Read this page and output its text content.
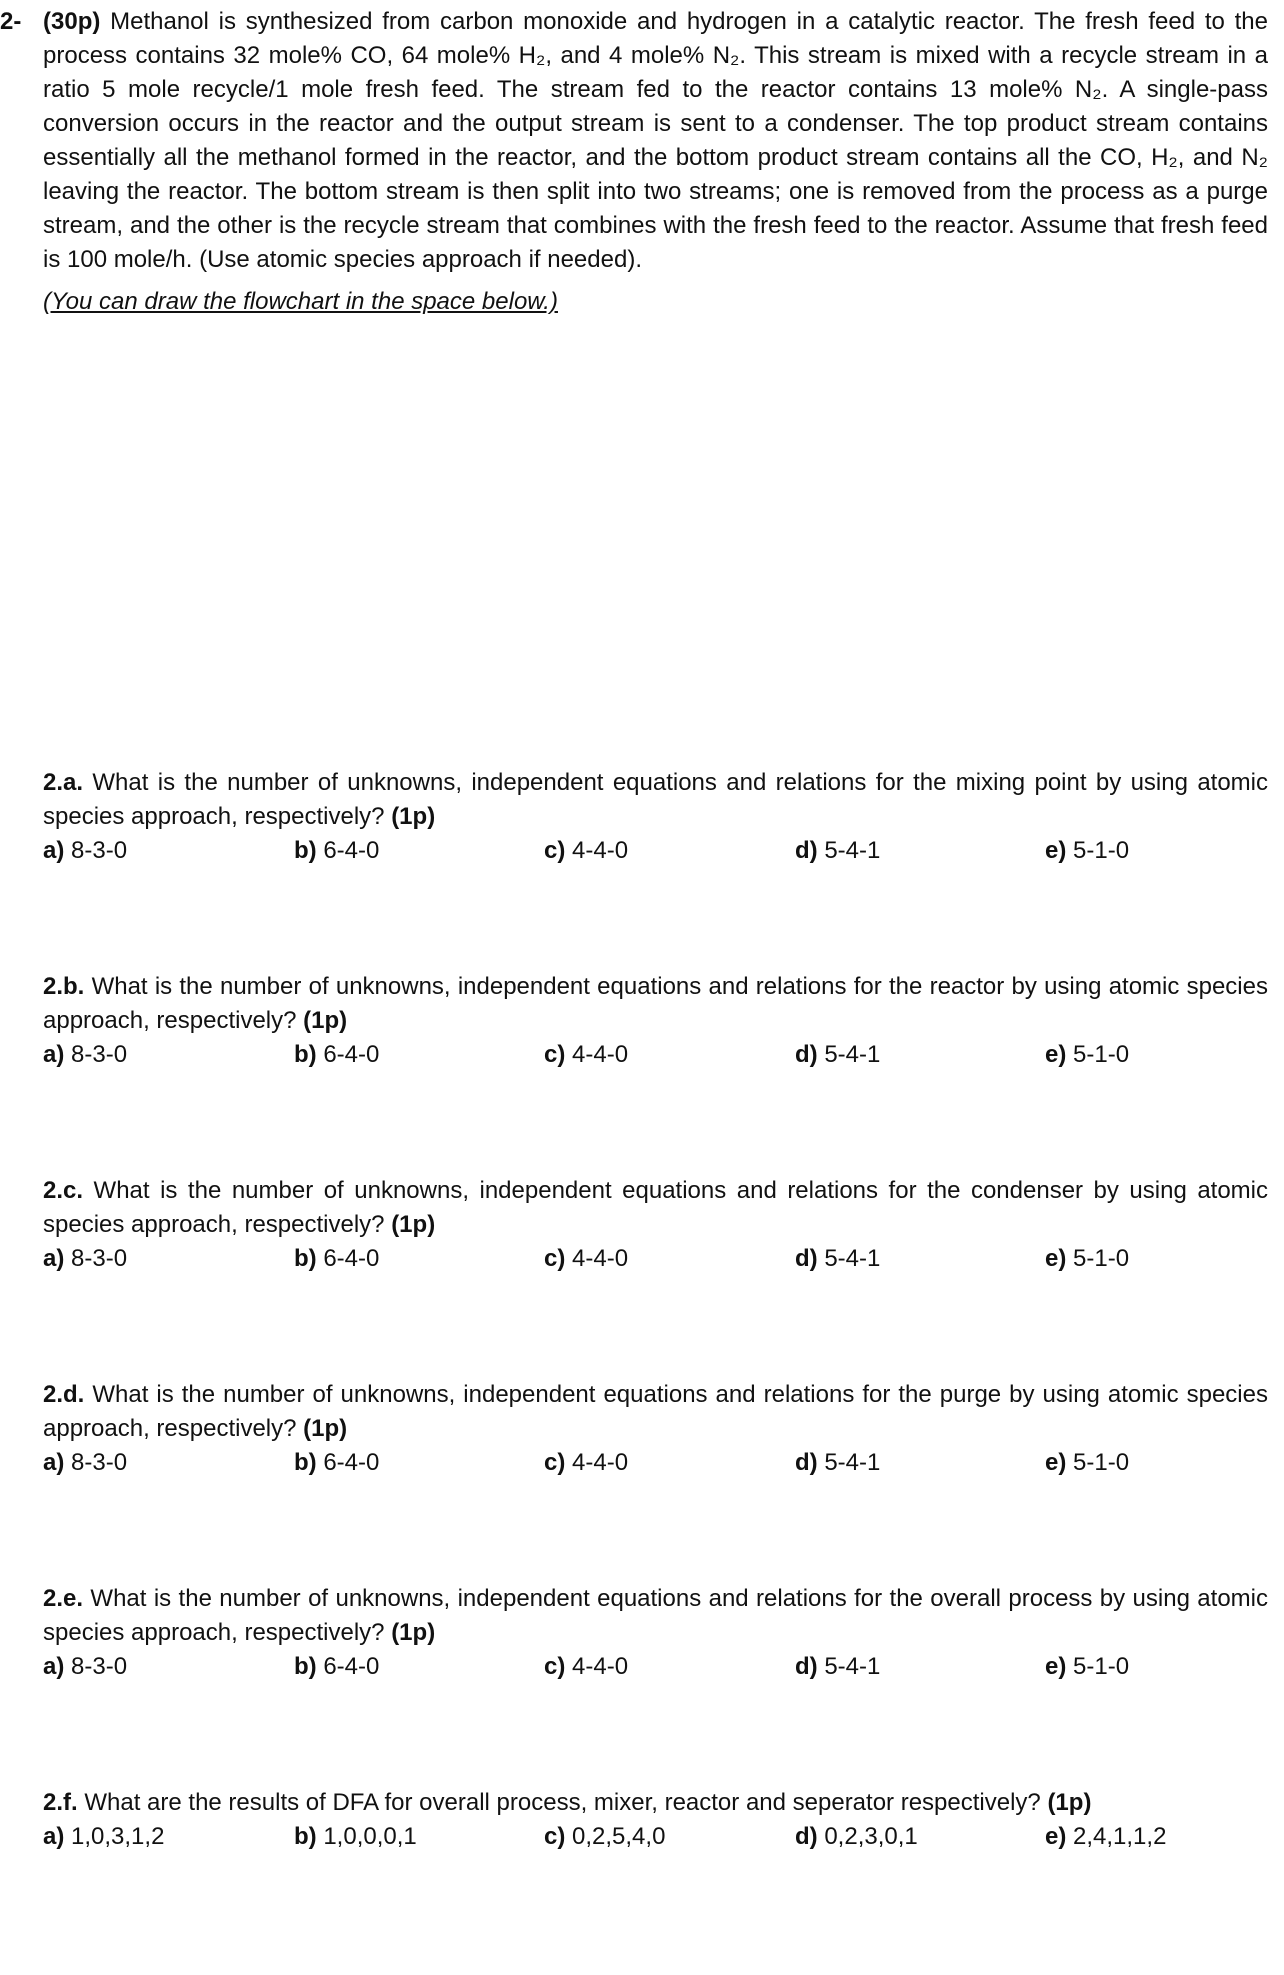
2- (30p) Methanol is synthesized from carbon monoxide and hydrogen in a catalytic reactor. The fresh feed to the process contains 32 mole% CO, 64 mole% H₂, and 4 mole% N₂. This stream is mixed with a recycle stream in a ratio 5 mole recycle/1 mole fresh feed. The stream fed to the reactor contains 13 mole% N₂. A single-pass conversion occurs in the reactor and the output stream is sent to a condenser. The top product stream contains essentially all the methanol formed in the reactor, and the bottom product stream contains all the CO, H₂, and N₂ leaving the reactor. The bottom stream is then split into two streams; one is removed from the process as a purge stream, and the other is the recycle stream that combines with the fresh feed to the reactor. Assume that fresh feed is 100 mole/h. (Use atomic species approach if needed).
(You can draw the flowchart in the space below.)
2.a. What is the number of unknowns, independent equations and relations for the mixing point by using atomic species approach, respectively? (1p)
a) 8-3-0	b) 6-4-0	c) 4-4-0	d) 5-4-1	e) 5-1-0
2.b. What is the number of unknowns, independent equations and relations for the reactor by using atomic species approach, respectively? (1p)
a) 8-3-0	b) 6-4-0	c) 4-4-0	d) 5-4-1	e) 5-1-0
2.c. What is the number of unknowns, independent equations and relations for the condenser by using atomic species approach, respectively? (1p)
a) 8-3-0	b) 6-4-0	c) 4-4-0	d) 5-4-1	e) 5-1-0
2.d. What is the number of unknowns, independent equations and relations for the purge by using atomic species approach, respectively? (1p)
a) 8-3-0	b) 6-4-0	c) 4-4-0	d) 5-4-1	e) 5-1-0
2.e. What is the number of unknowns, independent equations and relations for the overall process by using atomic species approach, respectively? (1p)
a) 8-3-0	b) 6-4-0	c) 4-4-0	d) 5-4-1	e) 5-1-0
2.f. What are the results of DFA for overall process, mixer, reactor and seperator respectively? (1p)
a) 1,0,3,1,2	b) 1,0,0,0,1	c) 0,2,5,4,0	d) 0,2,3,0,1	e) 2,4,1,1,2
